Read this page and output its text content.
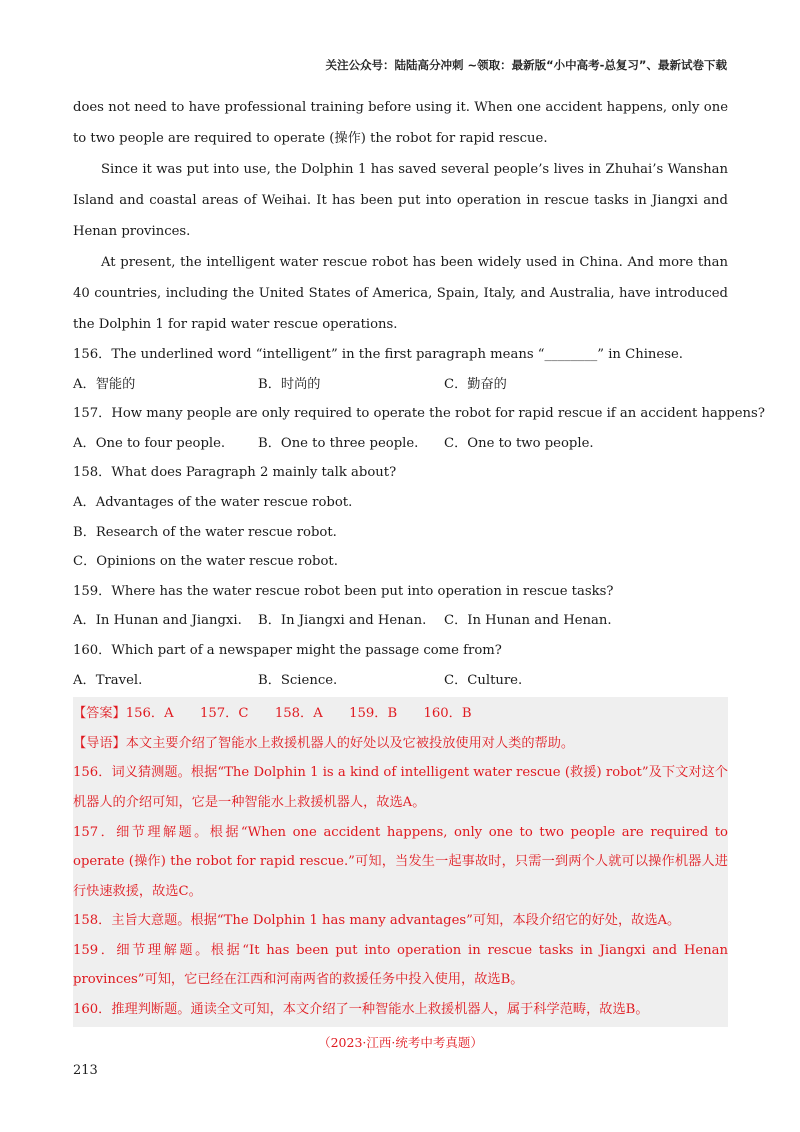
关注公众号：陆陆高分冲刺 ~领取：最新版“小中高考-总复习”、最新试卷下载

does not need to have professional training before using it. When one accident happens, only one to two people are required to operate (操作) the robot for rapid rescue.

Since it was put into use, the Dolphin 1 has saved several people’s lives in Zhuhai’s Wanshan Island and coastal areas of Weihai. It has been put into operation in rescue tasks in Jiangxi and Henan provinces.

At present, the intelligent water rescue robot has been widely used in China. And more than 40 countries, including the United States of America, Spain, Italy, and Australia, have introduced the Dolphin 1 for rapid water rescue operations.

156．The underlined word “intelligent” in the first paragraph means “________” in Chinese.

A．智能的	B．时尚的	C．勤奋的

157．How many people are only required to operate the robot for rapid rescue if an accident happens?

A．One to four people.	B．One to three people.	C．One to two people.

158．What does Paragraph 2 mainly talk about?

A．Advantages of the water rescue robot.

B．Research of the water rescue robot.

C．Opinions on the water rescue robot.

159．Where has the water rescue robot been put into operation in rescue tasks?

A．In Hunan and Jiangxi.	B．In Jiangxi and Henan.	C．In Hunan and Henan.

160．Which part of a newspaper might the passage come from?

A．Travel.	B．Science.	C．Culture.

【答案】156．A　　157．C　　158．A　　159．B　　160．B

【导语】本文主要介绍了智能水上救援机器人的好处以及它被投放使用对人类的帮助。

156．词义猜测题。根据“The Dolphin 1 is a kind of intelligent water rescue (救援) robot”及下文对这个机器人的介绍可知，它是一种智能水上救援机器人，故选A。

157．细节理解题。根据“When one accident happens, only one to two people are required to operate (操作) the robot for rapid rescue.”可知，当发生一起事故时，只需一到两个人就可以操作机器人进行快速救援，故选C。

158．主旨大意题。根据“The Dolphin 1 has many advantages”可知，本段介绍它的好处，故选A。

159．细节理解题。根据“It has been put into operation in rescue tasks in Jiangxi and Henan provinces”可知，它已经在江西和河南两省的救援任务中投入使用，故选B。

160．推理判断题。通读全文可知，本文介绍了一种智能水上救援机器人，属于科学范畴，故选B。

（2023·江西·统考中考真题）
213
